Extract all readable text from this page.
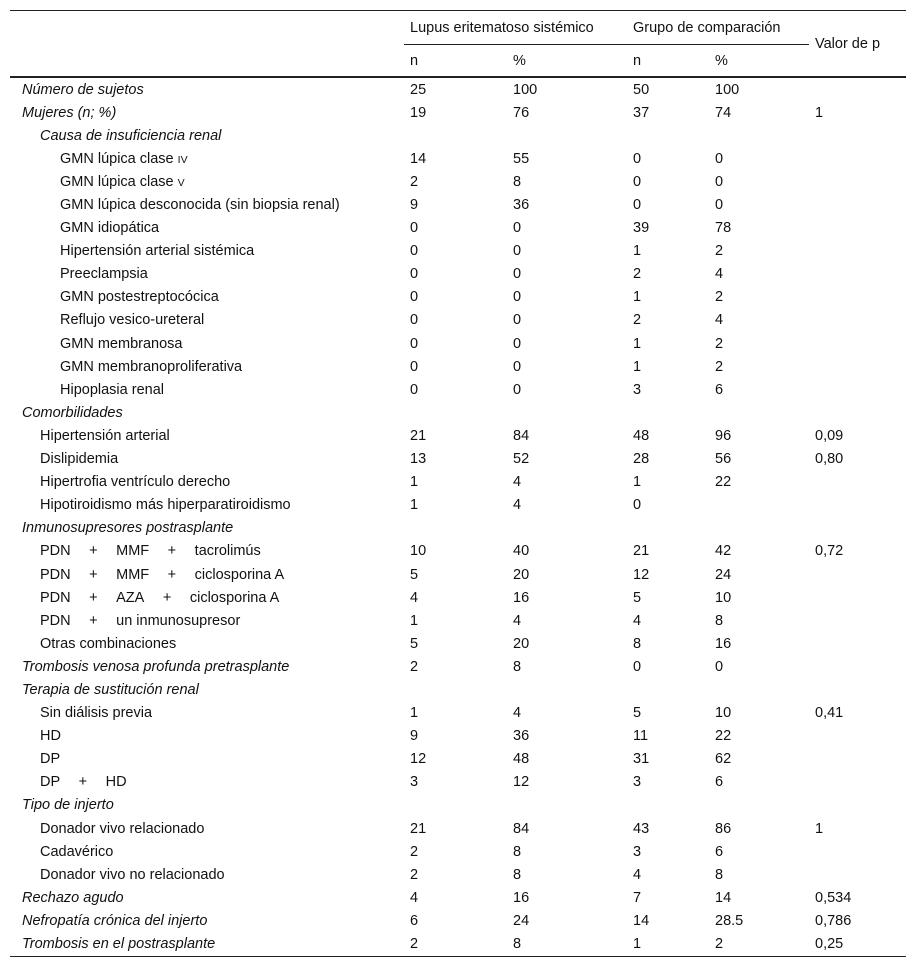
	Lupus eritematoso sistémico		Grupo de comparación		Valor de p
	n	%	n	%	
Número de sujetos	25	100	50	100	
Mujeres (n; %)	19	76	37	74	1
Causa de insuficiencia renal					
GMN lúpica clase IV	14	55	0	0	
GMN lúpica clase V	2	8	0	0	
GMN lúpica desconocida (sin biopsia renal)	9	36	0	0	
GMN idiopática	0	0	39	78	
Hipertensión arterial sistémica	0	0	1	2	
Preeclampsia	0	0	2	4	
GMN postestreptocócica	0	0	1	2	
Reflujo vesico-ureteral	0	0	2	4	
GMN membranosa	0	0	1	2	
GMN membranoproliferativa	0	0	1	2	
Hipoplasia renal	0	0	3	6	
Comorbilidades					
Hipertensión arterial	21	84	48	96	0,09
Dislipidemia	13	52	28	56	0,80
Hipertrofia ventrículo derecho	1	4	1	22	
Hipotiroidismo más hiperparatiroidismo	1	4	0		
Inmunosupresores postrasplante					
PDN  +  MMF  +  tacrolimús	10	40	21	42	0,72
PDN  +  MMF  +  ciclosporina A	5	20	12	24	
PDN  +  AZA  +  ciclosporina A	4	16	5	10	
PDN  +  un inmunosupresor	1	4	4	8	
Otras combinaciones	5	20	8	16	
Trombosis venosa profunda pretrasplante	2	8	0	0	
Terapia de sustitución renal					
Sin diálisis previa	1	4	5	10	0,41
HD	9	36	11	22	
DP	12	48	31	62	
DP  +  HD	3	12	3	6	
Tipo de injerto					
Donador vivo relacionado	21	84	43	86	1
Cadavérico	2	8	3	6	
Donador vivo no relacionado	2	8	4	8	
Rechazo agudo	4	16	7	14	0,534
Nefropatía crónica del injerto	6	24	14	28.5	0,786
Trombosis en el postrasplante	2	8	1	2	0,25
